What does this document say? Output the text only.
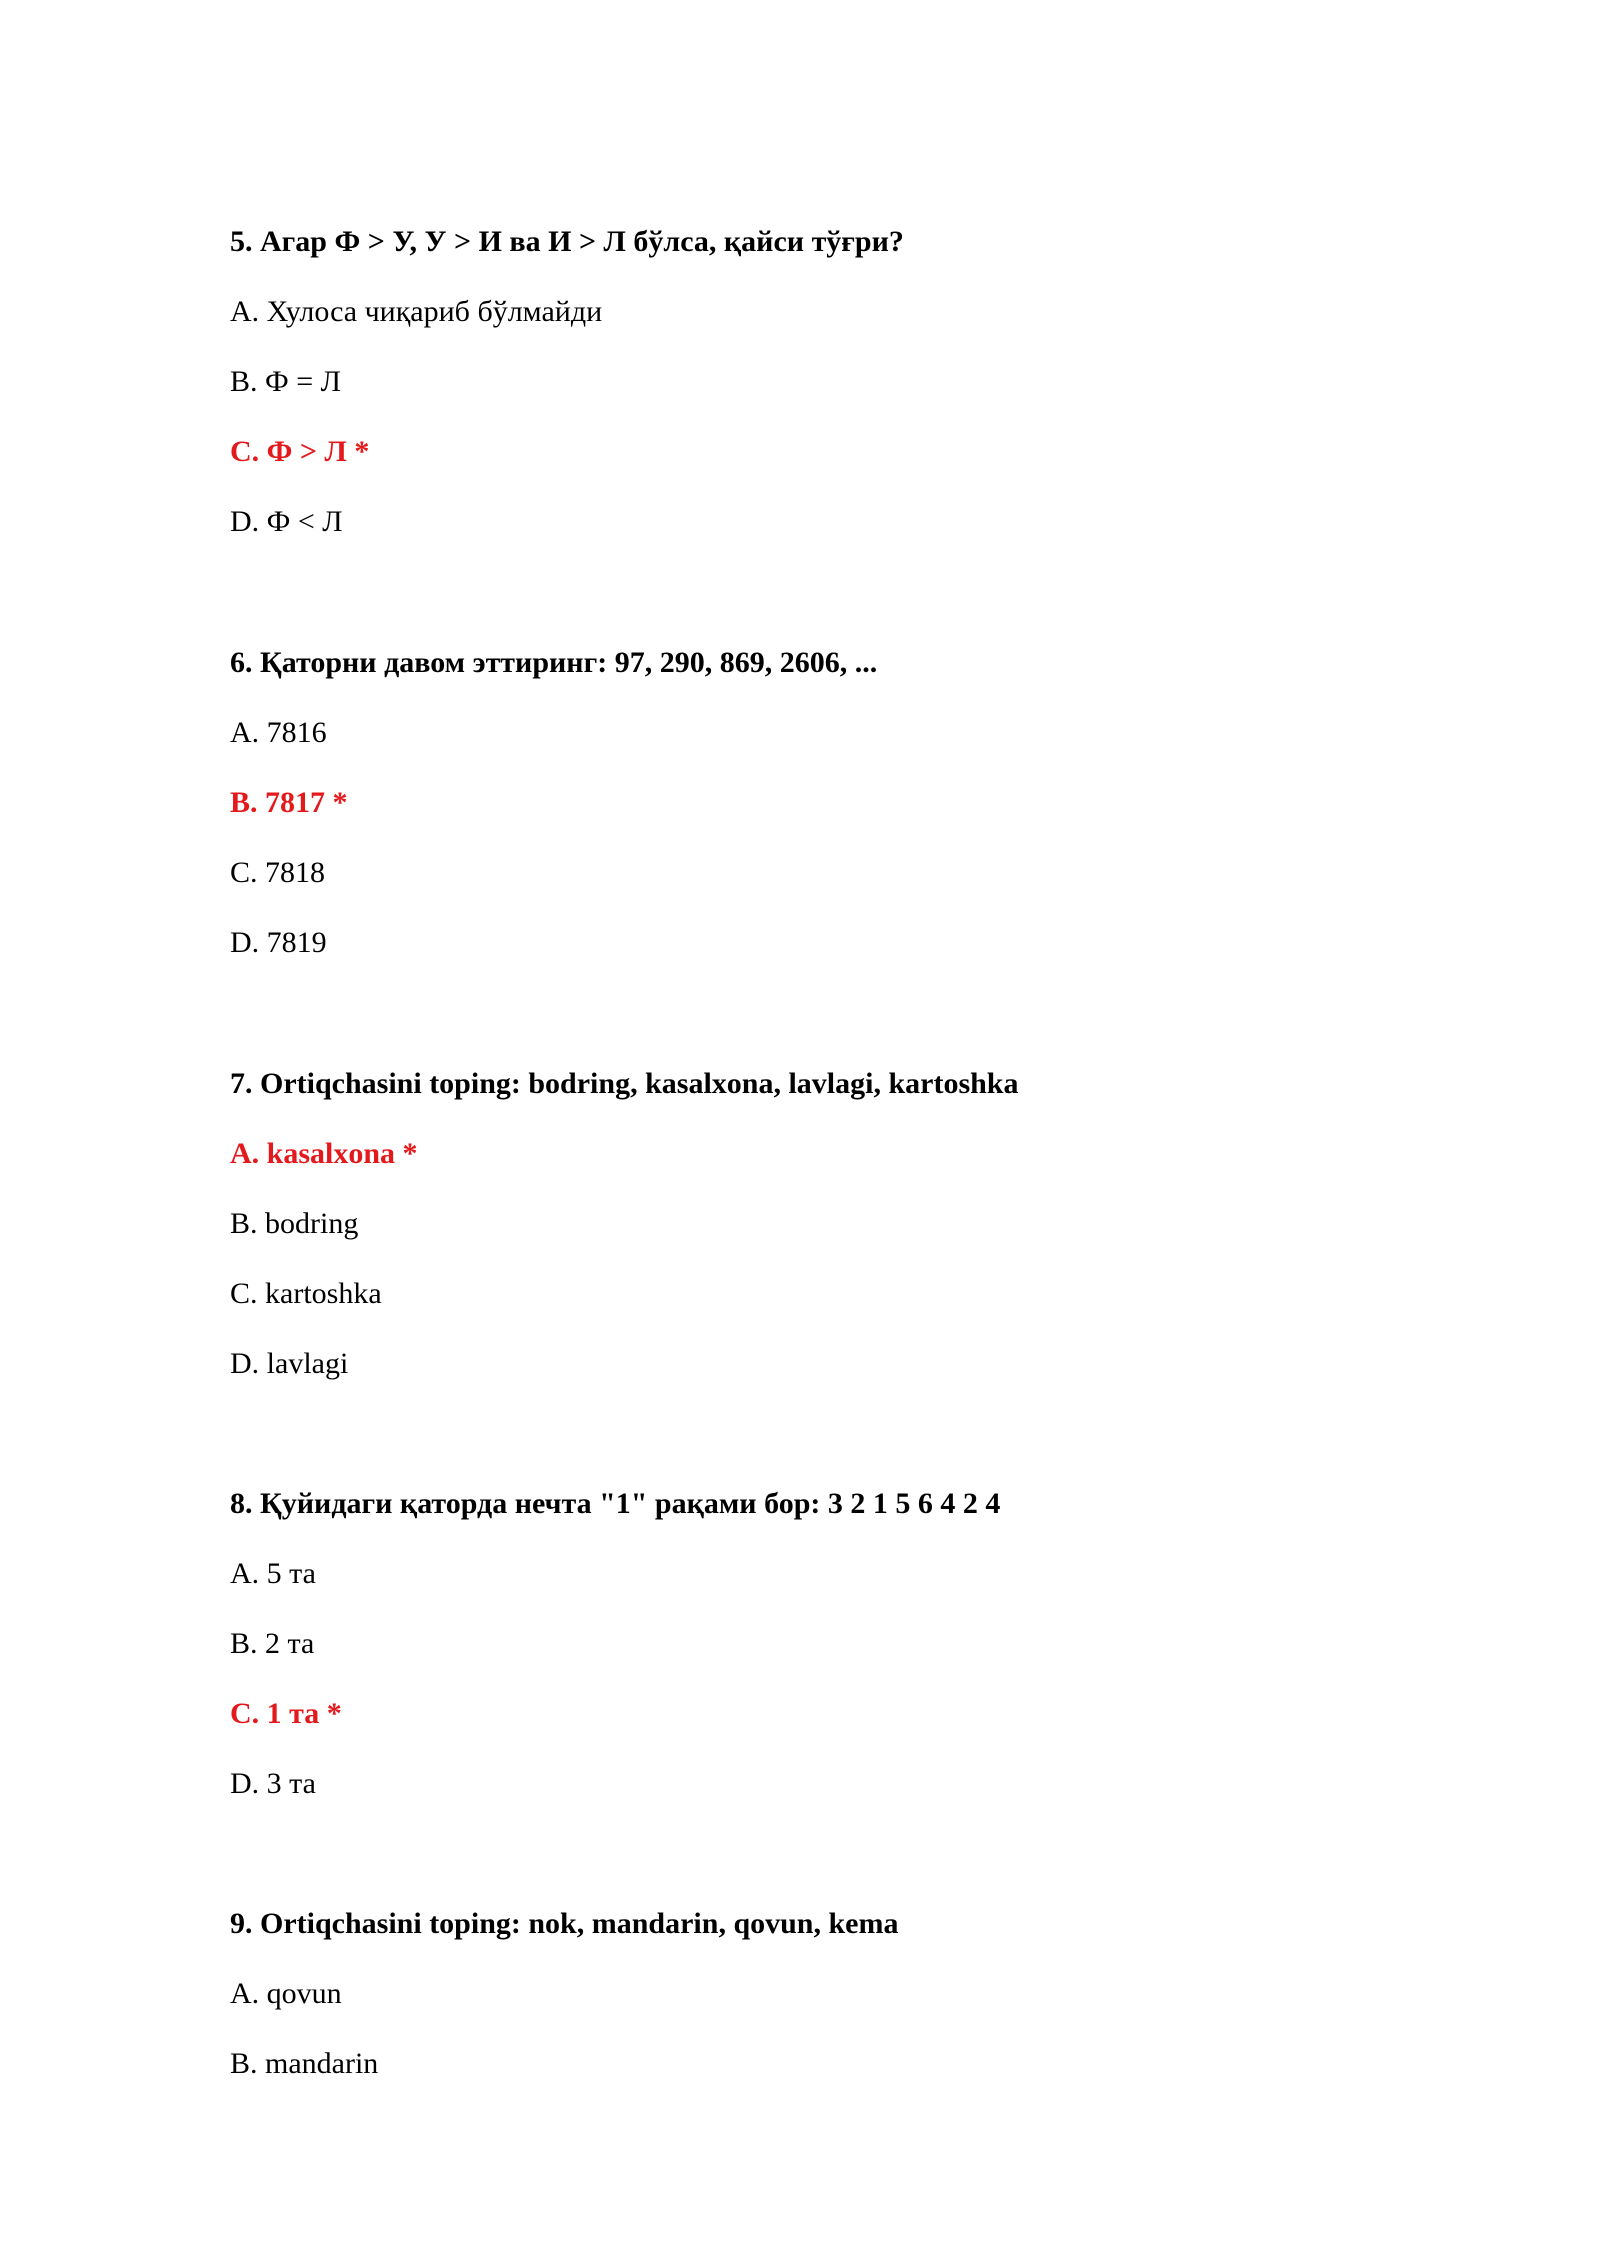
5. Агар Ф > У, У > И ва И > Л бўлса, қайси тўғри?
A. Хулоса чиқариб бўлмайди
B. Ф = Л
C. Ф > Л *
D. Ф < Л
6. Қаторни давом эттиринг: 97, 290, 869, 2606, ...
A. 7816
B. 7817 *
C. 7818
D. 7819
7. Ortiqchasini toping: bodring, kasalxona, lavlagi, kartoshka
A. kasalxona *
B. bodring
C. kartoshka
D. lavlagi
8. Қуйидаги қаторда нечта "1" рақами бор: 3 2 1 5 6 4 2 4
A. 5 та
B. 2 та
C. 1 та *
D. 3 та
9. Ortiqchasini toping: nok, mandarin, qovun, kema
A. qovun
B. mandarin
